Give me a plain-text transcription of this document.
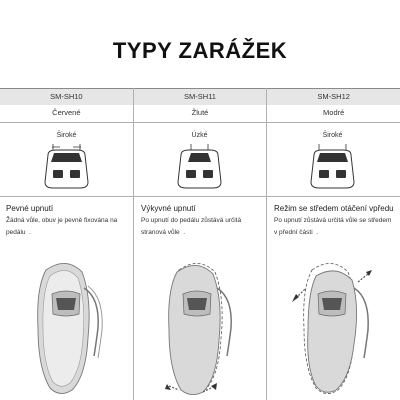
TYPY ZARÁŽEK
SM-SH10	SM-SH11	SM-SH12
Červené	Žluté	Modré
Široké	Úzké	Široké
Pevné upnutí
Žádná vůle, obuv je pevně fixována na pedálu .
Výkyvné upnutí
Po upnutí do pedálu zůstává určitá stranová vůle .
Režim se středem otáčení vpředu
Po upnutí zůstává určitá vůle se středem v přední části .
